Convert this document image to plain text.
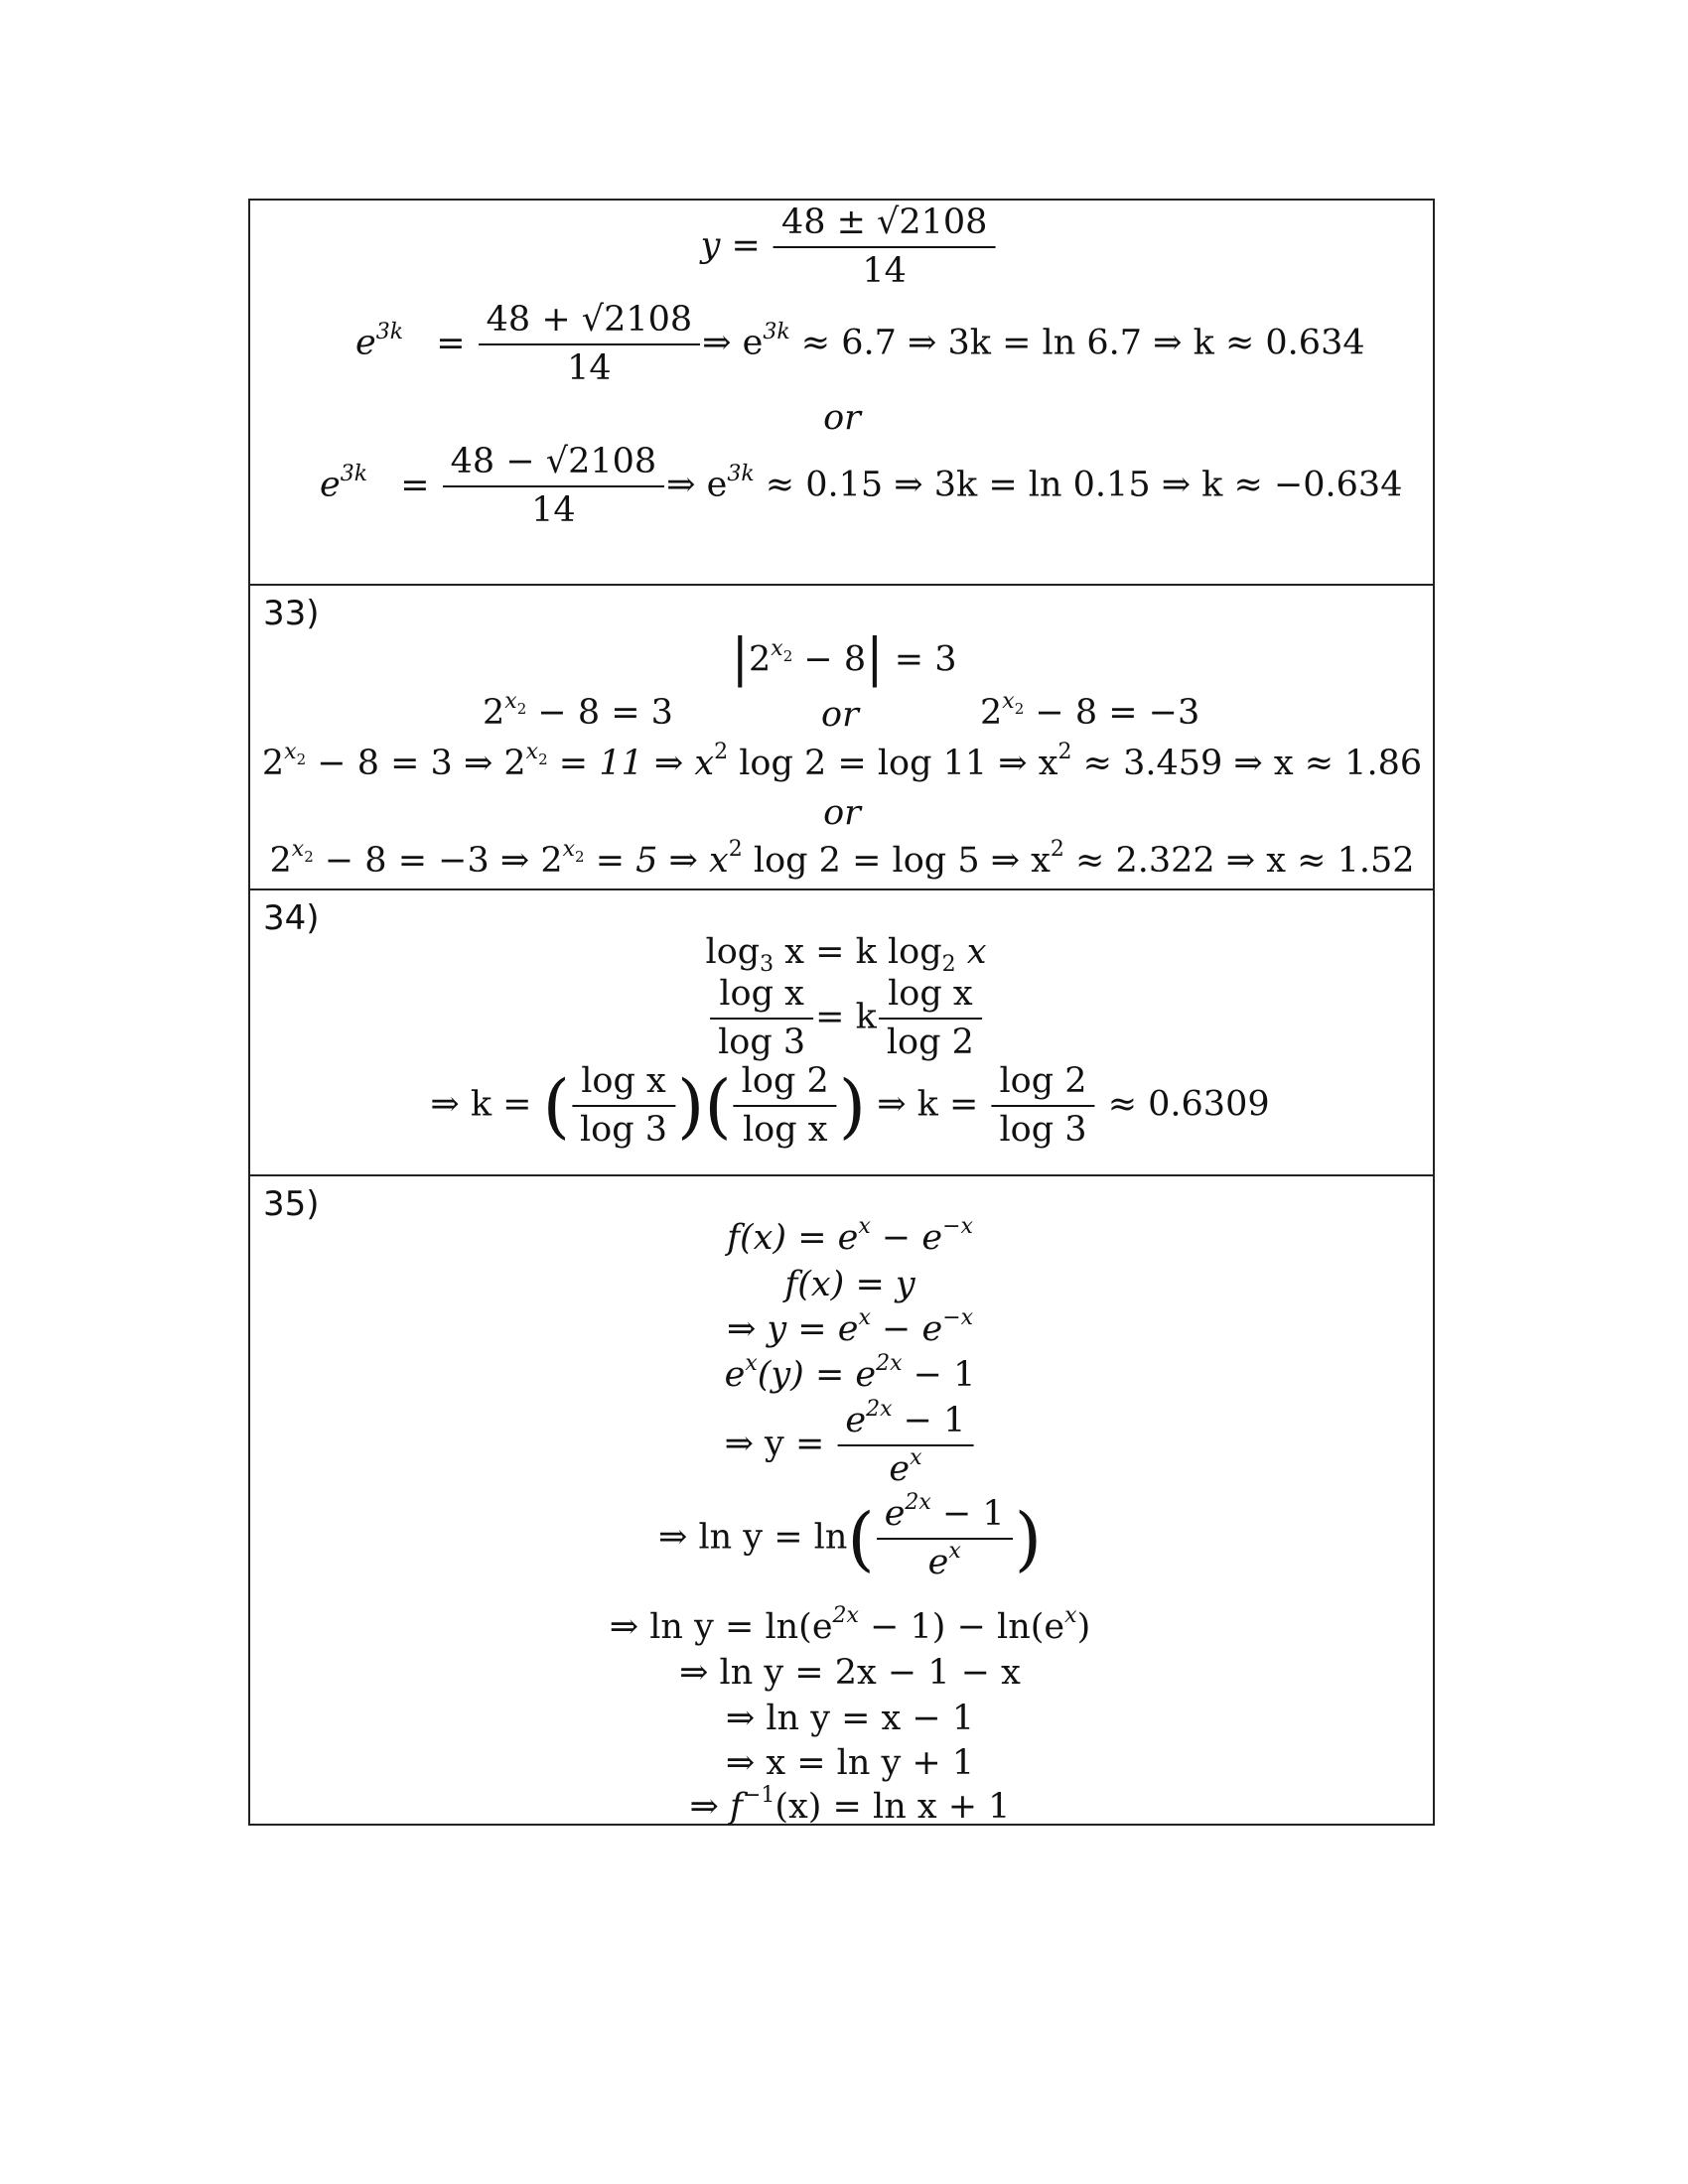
$y = \frac{48 \pm √2108}{14}$
$e^{3k} = \frac{48 + √2108}{14}$ ⇒ $e^{3k} \approx 6.7$ ⇒ 3k = ln 6.7 ⇒ k ≈ 0.634
or
$e^{3k} = \frac{48 - √2108}{14}$ ⇒ $e^{3k} \approx 0.15$ ⇒ 3k = ln 0.15 ⇒ k ≈ −0.634
33)
$|2^{x2} - 8| = 3$
$2^{x2} - 8 = 3$	or	$2^{x2} - 8 = -3$
$2^{x2} - 8 = 3$ ⇒ $2^{x2} = 11$ ⇒ $x^2$ log 2 = log 11 ⇒ $x^2 \approx 3.459$ ⇒ x ≈ 1.86
or
$2^{x2} - 8 = -3$ ⇒ $2^{x2} = 5$ ⇒ $x^2$ log 2 = log 5 ⇒ $x^2 \approx 2.322$ ⇒ x ≈ 1.52
34)
$\log_3 x = k$ $\log_2 x$
$\frac{\text{log x}}{\log 3} = k \frac{\text{log x}}{\log 2}$
⇒ k = ( $\frac{\text{log x}}{\log 3}$ )( $\frac{\log 2}{\text{log x}}$ ) ⇒ $k = \frac{\log 2}{\log 3} \approx 0.6309$
35)
$f(x) = e^x - e^{-x}$
f(x) = y
⇒ $y = e^x - e^{-x}$
$e^x(y) = e^{2x} - 1$
⇒ $y = \frac{e^{2x} - 1}{e^x}$
⇒ $\ln y = \ln( \frac{e^{2x} - 1}{e^x}$ )
⇒ $\ln y = \ln(e^{2x} - 1) - \ln(e^x)$
⇒ ln y = 2x − 1 − x
⇒ ln y = x − 1
⇒ x = ln y + 1
⇒ $f^{-1}(x) = \ln x + 1$
